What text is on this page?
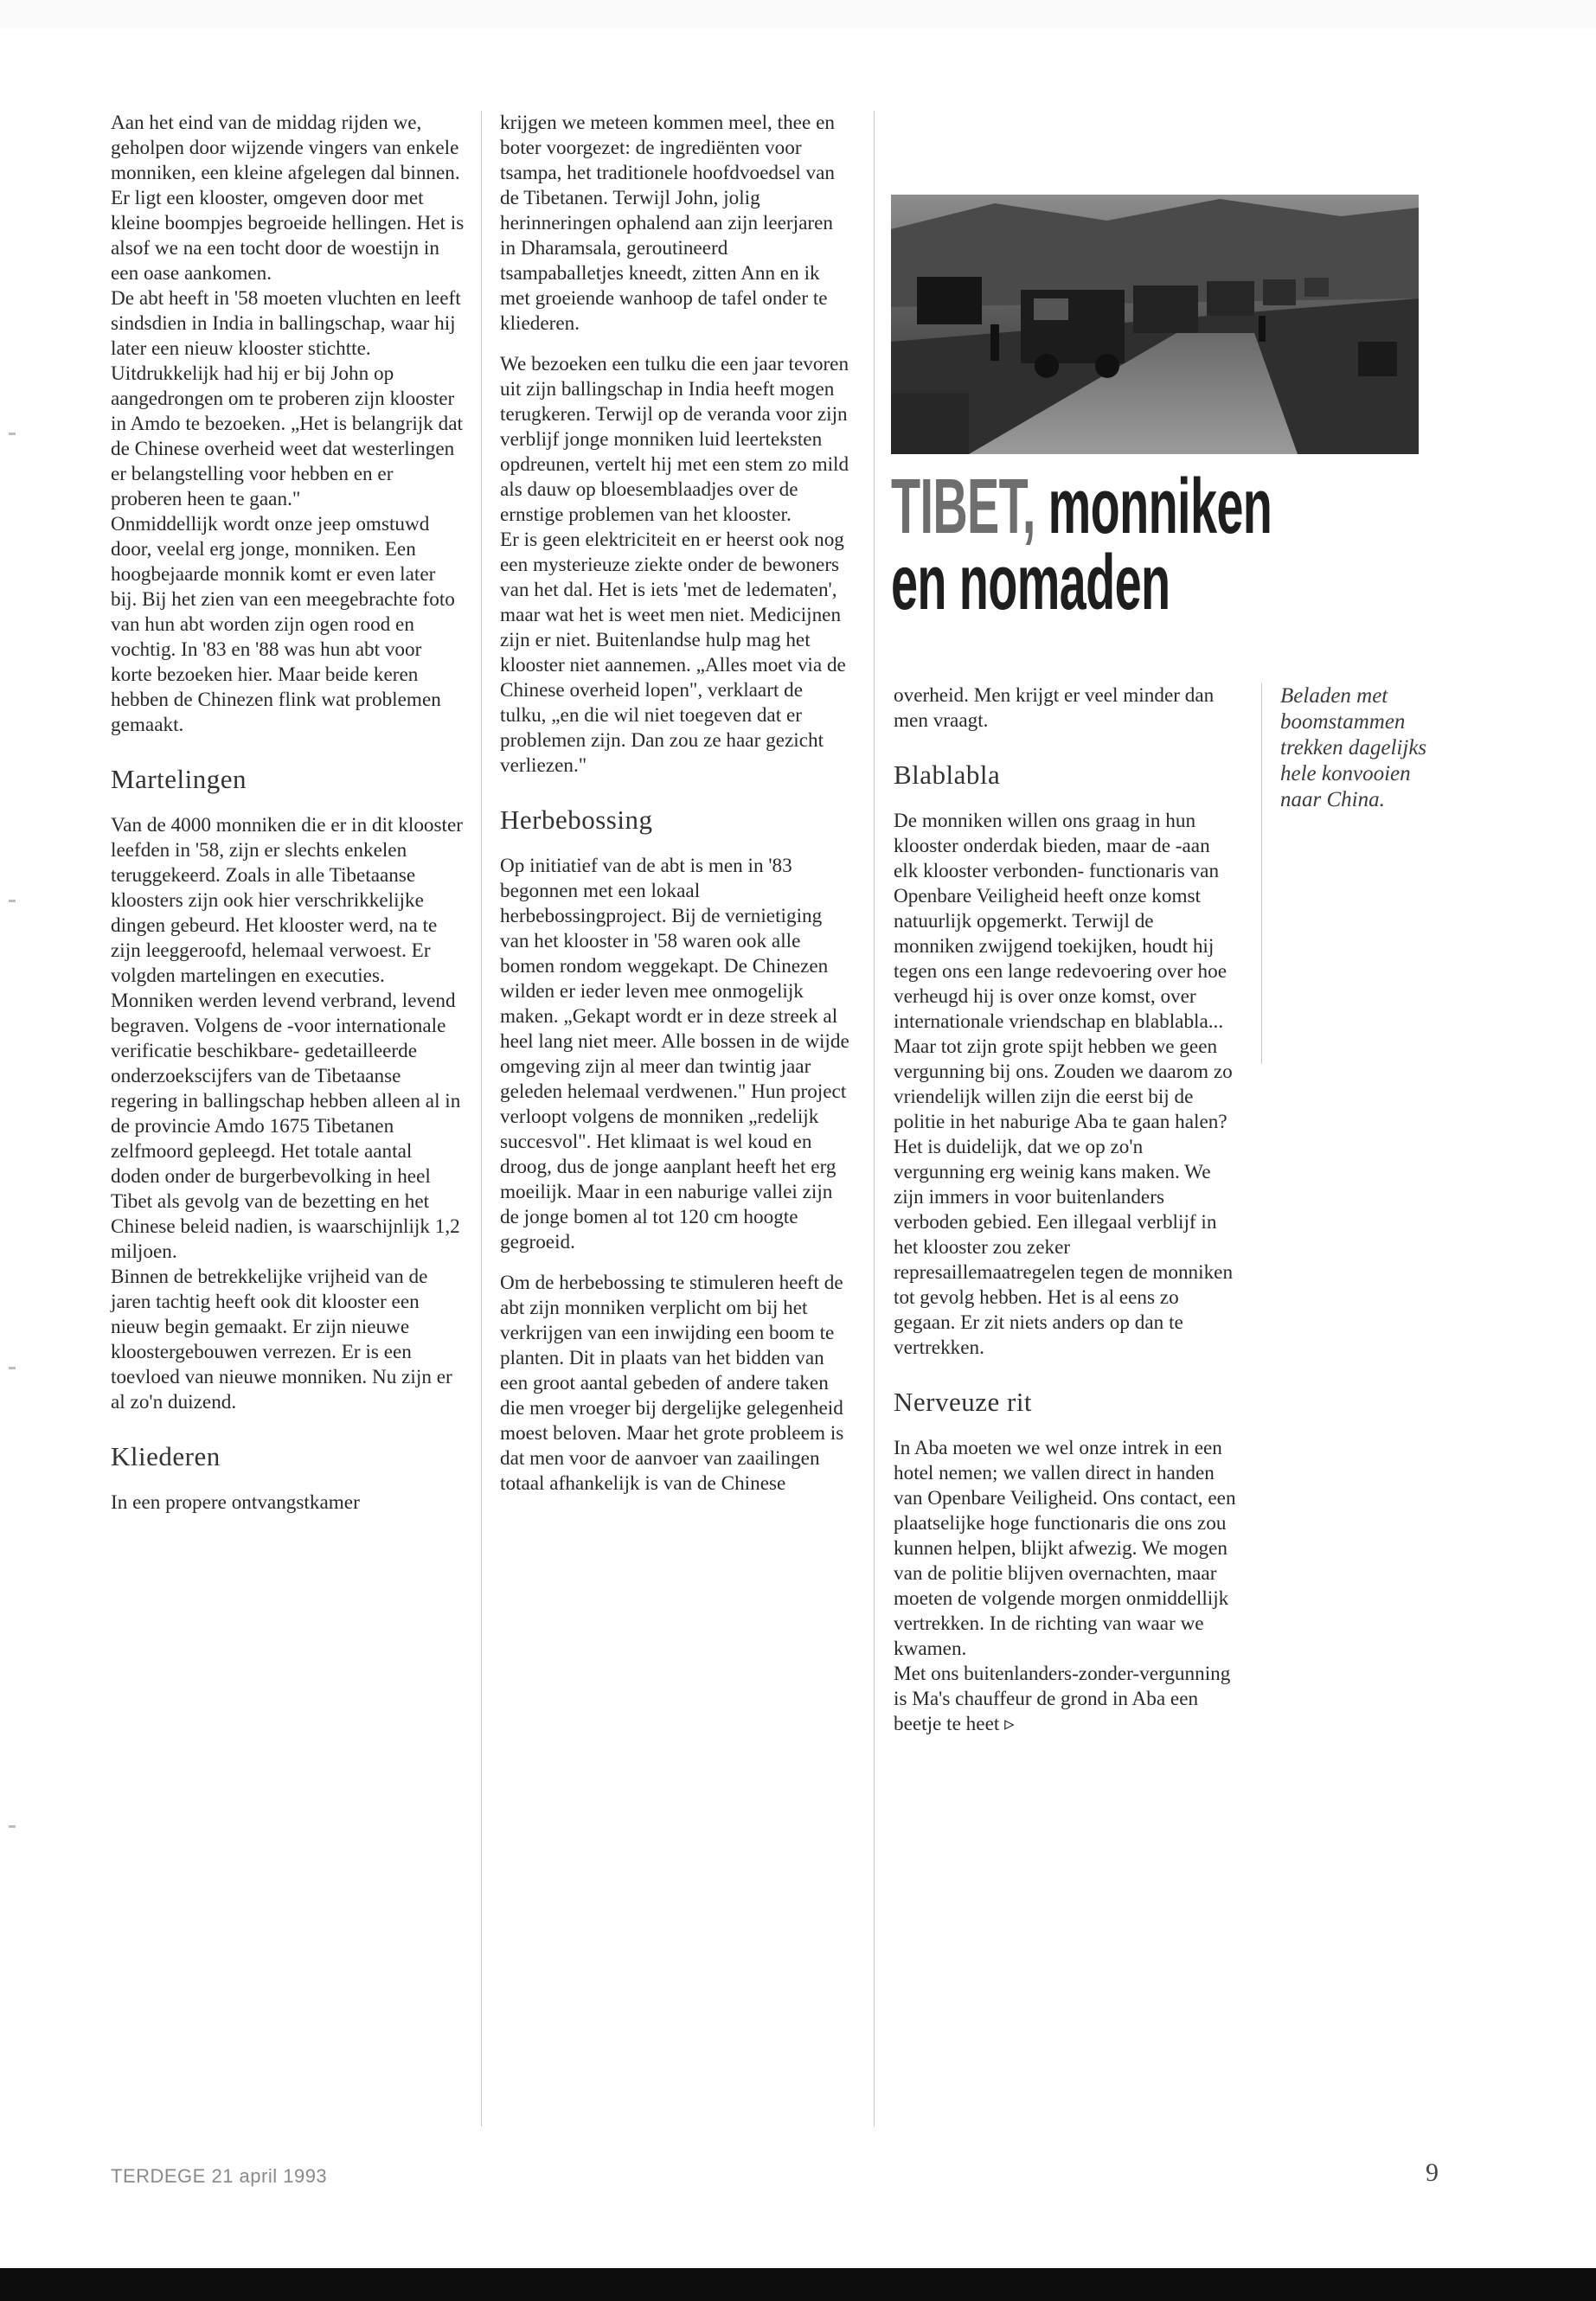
Aan het eind van de middag rijden we, geholpen door wijzende vingers van enkele monniken, een kleine afgelegen dal binnen. Er ligt een klooster, omgeven door met kleine boompjes begroeide hellingen. Het is alsof we na een tocht door de woestijn in een oase aankomen.

De abt heeft in '58 moeten vluchten en leeft sindsdien in India in ballingschap, waar hij later een nieuw klooster stichtte. Uitdrukkelijk had hij er bij John op aangedrongen om te proberen zijn klooster in Amdo te bezoeken. „Het is belangrijk dat de Chinese overheid weet dat westerlingen er belangstelling voor hebben en er proberen heen te gaan."

Onmiddellijk wordt onze jeep omstuwd door, veelal erg jonge, monniken. Een hoogbejaarde monnik komt er even later bij. Bij het zien van een meegebrachte foto van hun abt worden zijn ogen rood en vochtig. In '83 en '88 was hun abt voor korte bezoeken hier. Maar beide keren hebben de Chinezen flink wat problemen gemaakt.

Martelingen

Van de 4000 monniken die er in dit klooster leefden in '58, zijn er slechts enkelen teruggekeerd. Zoals in alle Tibetaanse kloosters zijn ook hier verschrikkelijke dingen gebeurd. Het klooster werd, na te zijn leeggeroofd, helemaal verwoest. Er volgden martelingen en executies. Monniken werden levend verbrand, levend begraven. Volgens de -voor internationale verificatie beschikbare- gedetailleerde onderzoekscijfers van de Tibetaanse regering in ballingschap hebben alleen al in de provincie Amdo 1675 Tibetanen zelfmoord gepleegd. Het totale aantal doden onder de burgerbevolking in heel Tibet als gevolg van de bezetting en het Chinese beleid nadien, is waarschijnlijk 1,2 miljoen.

Binnen de betrekkelijke vrijheid van de jaren tachtig heeft ook dit klooster een nieuw begin gemaakt. Er zijn nieuwe kloostergebouwen verrezen. Er is een toevloed van nieuwe monniken. Nu zijn er al zo'n duizend.

Kliederen

In een propere ontvangstkamer

krijgen we meteen kommen meel, thee en boter voorgezet: de ingrediënten voor tsampa, het traditionele hoofdvoedsel van de Tibetanen. Terwijl John, jolig herinneringen ophalend aan zijn leerjaren in Dharamsala, geroutineerd tsampaballetjes kneedt, zitten Ann en ik met groeiende wanhoop de tafel onder te kliederen.

We bezoeken een tulku die een jaar tevoren uit zijn ballingschap in India heeft mogen terugkeren. Terwijl op de veranda voor zijn verblijf jonge monniken luid leerteksten opdreunen, vertelt hij met een stem zo mild als dauw op bloesemblaadjes over de ernstige problemen van het klooster.

Er is geen elektriciteit en er heerst ook nog een mysterieuze ziekte onder de bewoners van het dal. Het is iets 'met de ledematen', maar wat het is weet men niet. Medicijnen zijn er niet. Buitenlandse hulp mag het klooster niet aannemen. „Alles moet via de Chinese overheid lopen", verklaart de tulku, „en die wil niet toegeven dat er problemen zijn. Dan zou ze haar gezicht verliezen."

Herbebossing

Op initiatief van de abt is men in '83 begonnen met een lokaal herbebossingproject. Bij de vernietiging van het klooster in '58 waren ook alle bomen rondom weggekapt. De Chinezen wilden er ieder leven mee onmogelijk maken. „Gekapt wordt er in deze streek al heel lang niet meer. Alle bossen in de wijde omgeving zijn al meer dan twintig jaar geleden helemaal verdwenen." Hun project verloopt volgens de monniken „redelijk succesvol". Het klimaat is wel koud en droog, dus de jonge aanplant heeft het erg moeilijk. Maar in een naburige vallei zijn de jonge bomen al tot 120 cm hoogte gegroeid.

Om de herbebossing te stimuleren heeft de abt zijn monniken verplicht om bij het verkrijgen van een inwijding een boom te planten. Dit in plaats van het bidden van een groot aantal gebeden of andere taken die men vroeger bij dergelijke gelegenheid moest beloven. Maar het grote probleem is dat men voor de aanvoer van zaailingen totaal afhankelijk is van de Chinese

TIBET, monniken
en nomaden

overheid. Men krijgt er veel minder dan men vraagt.

Blablabla

De monniken willen ons graag in hun klooster onderdak bieden, maar de -aan elk klooster verbonden- functionaris van Openbare Veiligheid heeft onze komst natuurlijk opgemerkt. Terwijl de monniken zwijgend toekijken, houdt hij tegen ons een lange redevoering over hoe verheugd hij is over onze komst, over internationale vriendschap en blablabla...

Maar tot zijn grote spijt hebben we geen vergunning bij ons. Zouden we daarom zo vriendelijk willen zijn die eerst bij de politie in het naburige Aba te gaan halen?

Het is duidelijk, dat we op zo'n vergunning erg weinig kans maken. We zijn immers in voor buitenlanders verboden gebied. Een illegaal verblijf in het klooster zou zeker represaillemaatregelen tegen de monniken tot gevolg hebben. Het is al eens zo gegaan. Er zit niets anders op dan te vertrekken.

Nerveuze rit

In Aba moeten we wel onze intrek in een hotel nemen; we vallen direct in handen van Openbare Veiligheid. Ons contact, een plaatselijke hoge functionaris die ons zou kunnen helpen, blijkt afwezig. We mogen van de politie blijven overnachten, maar moeten de volgende morgen onmiddellijk vertrekken. In de richting van waar we kwamen.

Met ons buitenlanders-zonder-vergunning is Ma's chauffeur de grond in Aba een beetje te heet ▹

Beladen met boomstammen trekken dagelijks hele konvooien naar China.
TERDEGE 21 april 1993	9
